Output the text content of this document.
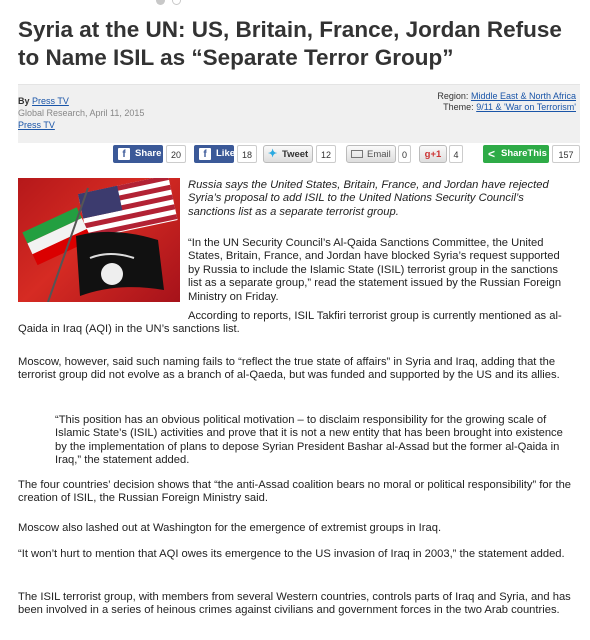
Syria at the UN: US, Britain, France, Jordan Refuse to Name ISIL as “Separate Terror Group”
By Press TV
Global Research, April 11, 2015
Press TV
Region: Middle East & North Africa
Theme: 9/11 & 'War on Terrorism'
f Share	20	f Like 18	✦ Tweet	12	Email	0	g+1	4	< ShareThis	157
Russia says the United States, Britain, France, and Jordan have rejected Syria’s proposal to add ISIL to the United Nations Security Council’s sanctions list as a separate terrorist group.
“In the UN Security Council’s Al-Qaida Sanctions Committee, the United States, Britain, France, and Jordan have blocked Syria’s request supported by Russia to include the Islamic State (ISIL) terrorist group in the sanctions list as a separate group,” read the statement issued by the Russian Foreign Ministry on Friday.
According to reports, ISIL Takfiri terrorist group is currently mentioned as al-Qaida in Iraq (AQI) in the UN’s sanctions list.
Moscow, however, said such naming fails to “reflect the true state of affairs” in Syria and Iraq, adding that the terrorist group did not evolve as a branch of al-Qaeda, but was funded and supported by the US and its allies.
“This position has an obvious political motivation – to disclaim responsibility for the growing scale of Islamic State’s (ISIL) activities and prove that it is not a new entity that has been brought into existence by the implementation of plans to depose Syrian President Bashar al-Assad but the former al-Qaida in Iraq,” the statement added.
The four countries’ decision shows that “the anti-Assad coalition bears no moral or political responsibility” for the creation of ISIL, the Russian Foreign Ministry said.
Moscow also lashed out at Washington for the emergence of extremist groups in Iraq.
“It won’t hurt to mention that AQI owes its emergence to the US invasion of Iraq in 2003,” the statement added.
The ISIL terrorist group, with members from several Western countries, controls parts of Iraq and Syria, and has been involved in a series of heinous crimes against civilians and government forces in the two Arab countries.
